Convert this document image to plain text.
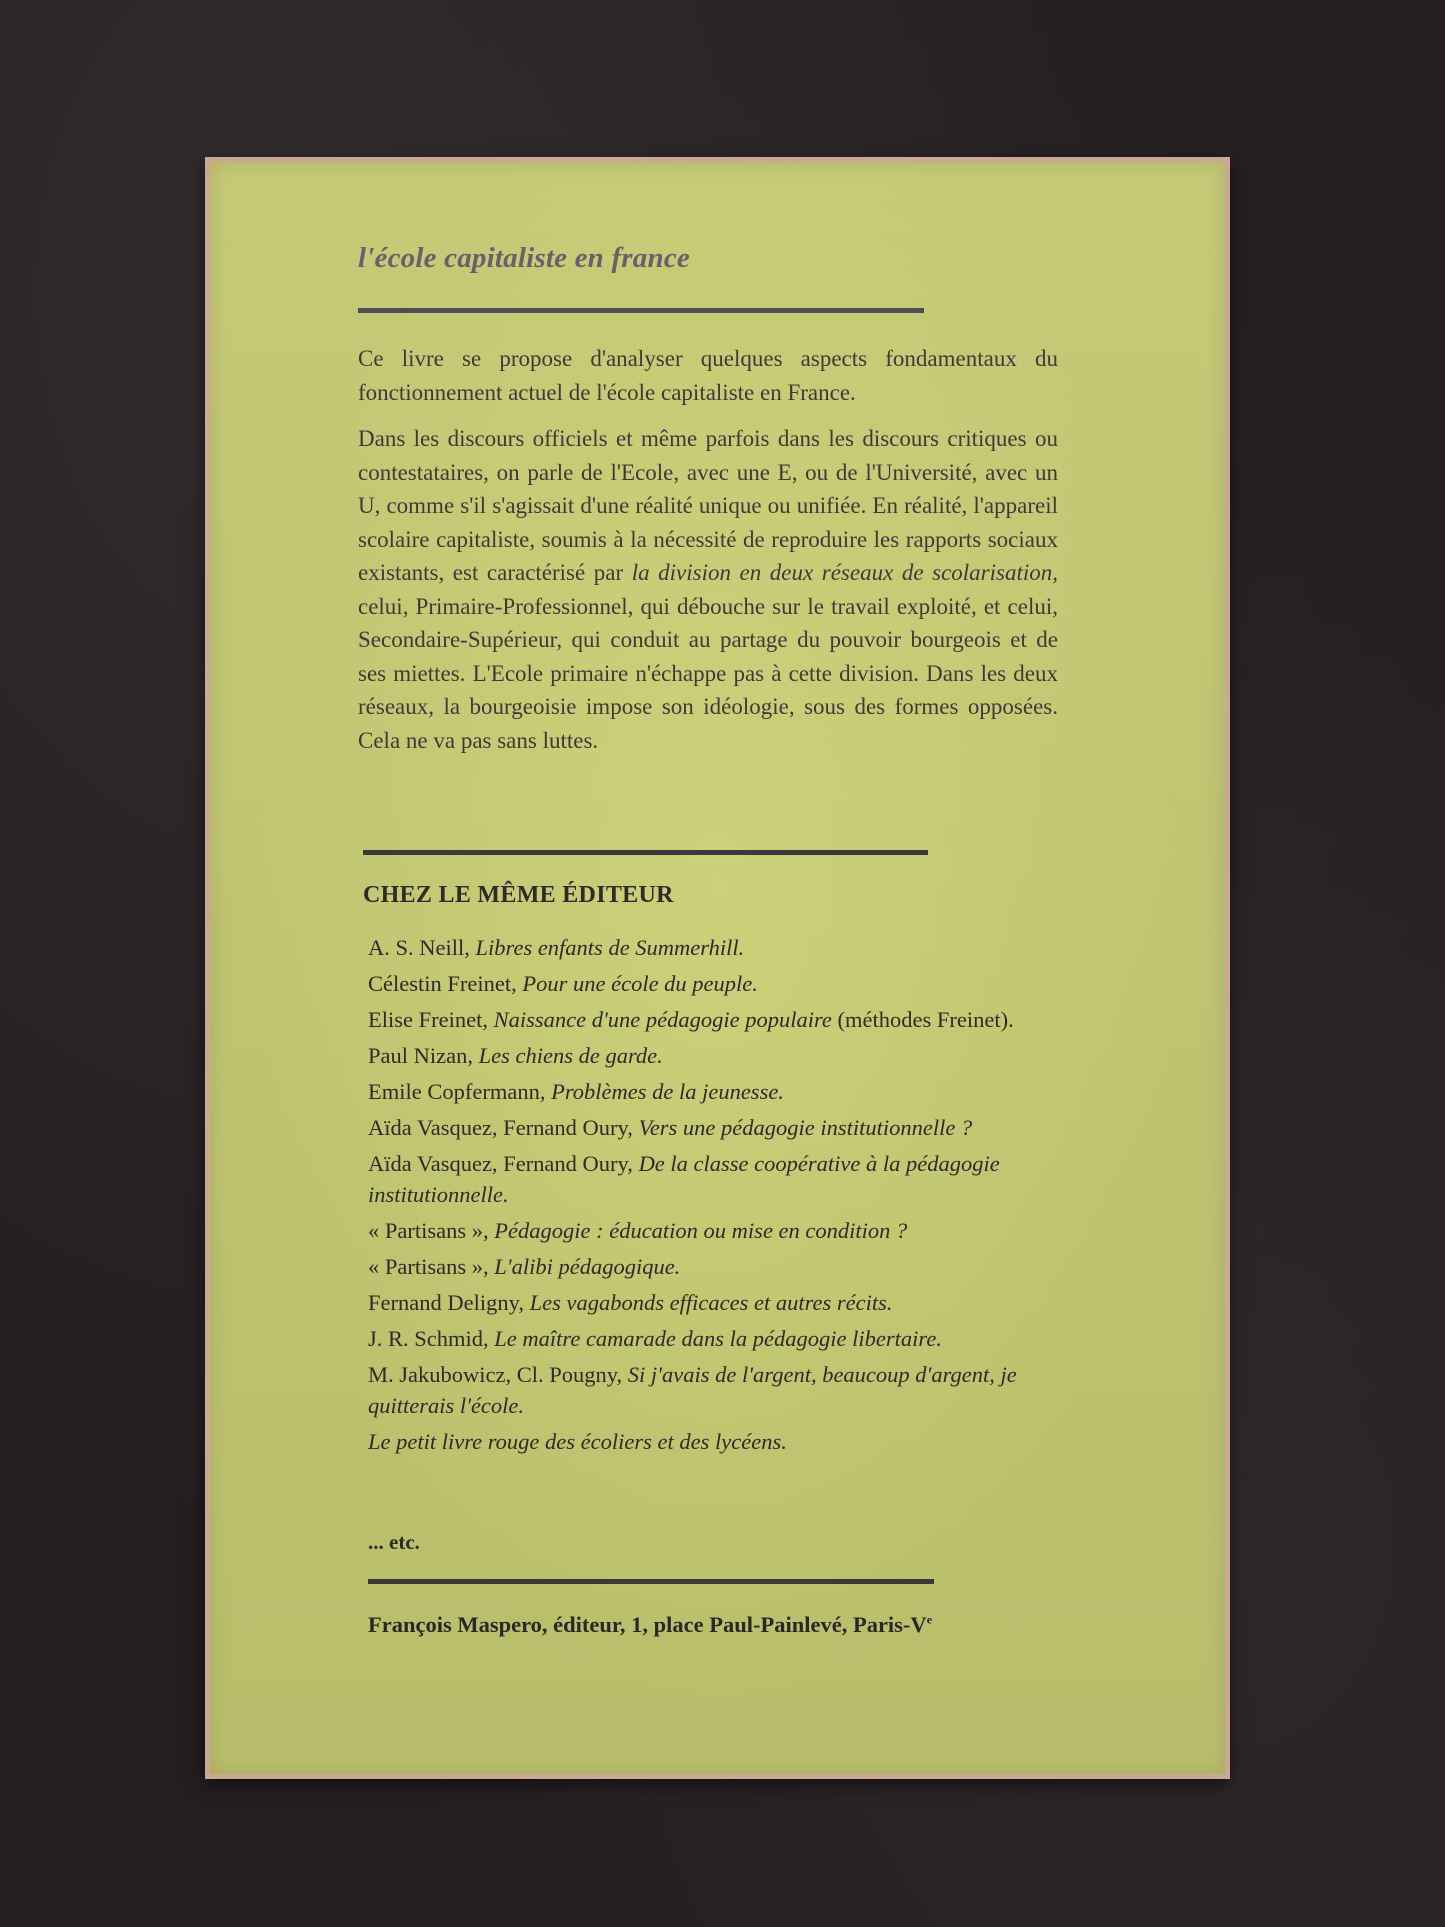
l'école capitaliste en france

Ce livre se propose d'analyser quelques aspects fondamentaux du fonctionnement actuel de l'école capitaliste en France.

Dans les discours officiels et même parfois dans les discours critiques ou contestataires, on parle de l'Ecole, avec une E, ou de l'Université, avec un U, comme s'il s'agissait d'une réalité unique ou unifiée. En réalité, l'appareil scolaire capitaliste, soumis à la nécessité de reproduire les rapports sociaux existants, est caractérisé par la division en deux réseaux de scolarisation, celui, Primaire-Professionnel, qui débouche sur le travail exploité, et celui, Secondaire-Supérieur, qui conduit au partage du pouvoir bourgeois et de ses miettes. L'Ecole primaire n'échappe pas à cette division. Dans les deux réseaux, la bourgeoisie impose son idéologie, sous des formes opposées. Cela ne va pas sans luttes.

CHEZ LE MÊME ÉDITEUR
A. S. Neill, Libres enfants de Summerhill.
Célestin Freinet, Pour une école du peuple.
Elise Freinet, Naissance d'une pédagogie populaire (méthodes Freinet).
Paul Nizan, Les chiens de garde.
Emile Copfermann, Problèmes de la jeunesse.
Aïda Vasquez, Fernand Oury, Vers une pédagogie institutionnelle ?
Aïda Vasquez, Fernand Oury, De la classe coopérative à la pédagogie institutionnelle.
« Partisans », Pédagogie : éducation ou mise en condition ?
« Partisans », L'alibi pédagogique.
Fernand Deligny, Les vagabonds efficaces et autres récits.
J. R. Schmid, Le maître camarade dans la pédagogie libertaire.
M. Jakubowicz, Cl. Pougny, Si j'avais de l'argent, beaucoup d'argent, je quitterais l'école.
Le petit livre rouge des écoliers et des lycéens.

... etc.

François Maspero, éditeur, 1, place Paul-Painlevé, Paris-Ve
